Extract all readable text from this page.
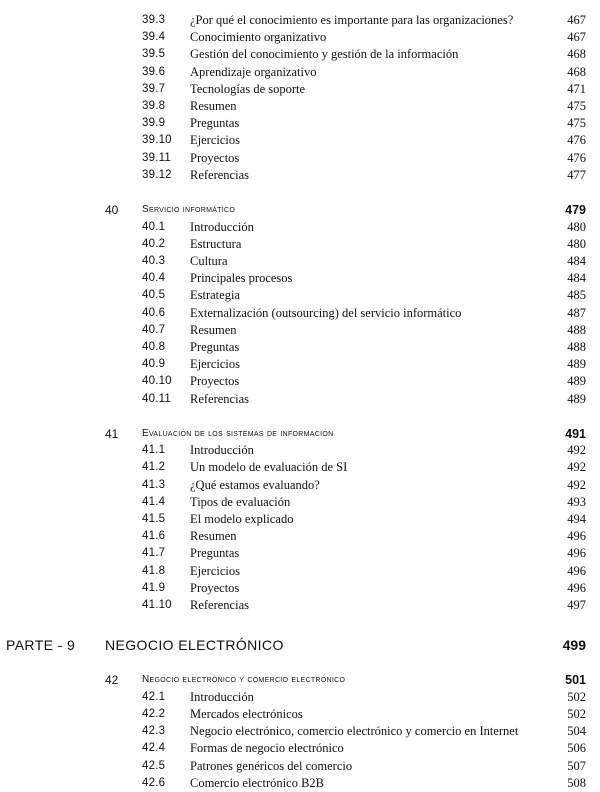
39.3 ¿Por qué el conocimiento es importante para las organizaciones?	467
39.4 Conocimiento organizativo	467
39.5 Gestión del conocimiento y gestión de la información	468
39.6 Aprendizaje organizativo	468
39.7 Tecnologías de soporte	471
39.8 Resumen	475
39.9 Preguntas	475
39.10 Ejercicios	476
39.11 Proyectos	476
39.12 Referencias	477
40 Servicio informático	479
40.1 Introducción	480
40.2 Estructura	480
40.3 Cultura	484
40.4 Principales procesos	484
40.5 Estrategia	485
40.6 Externalización (outsourcing) del servicio informático	487
40.7 Resumen	488
40.8 Preguntas	488
40.9 Ejercicios	489
40.10 Proyectos	489
40.11 Referencias	489
41 Evaluación de los sistemas de información	491
41.1 Introducción	492
41.2 Un modelo de evaluación de SI	492
41.3 ¿Qué estamos evaluando?	492
41.4 Tipos de evaluación	493
41.5 El modelo explicado	494
41.6 Resumen	496
41.7 Preguntas	496
41.8 Ejercicios	496
41.9 Proyectos	496
41.10 Referencias	497
PARTE - 9 NEGOCIO ELECTRÓNICO	499
42 Negocio electrónico y comercio electrónico	501
42.1 Introducción	502
42.2 Mercados electrónicos	502
42.3 Negocio electrónico, comercio electrónico y comercio en Internet	504
42.4 Formas de negocio electrónico	506
42.5 Patrones genéricos del comercio	507
42.6 Comercio electrónico B2B	508
